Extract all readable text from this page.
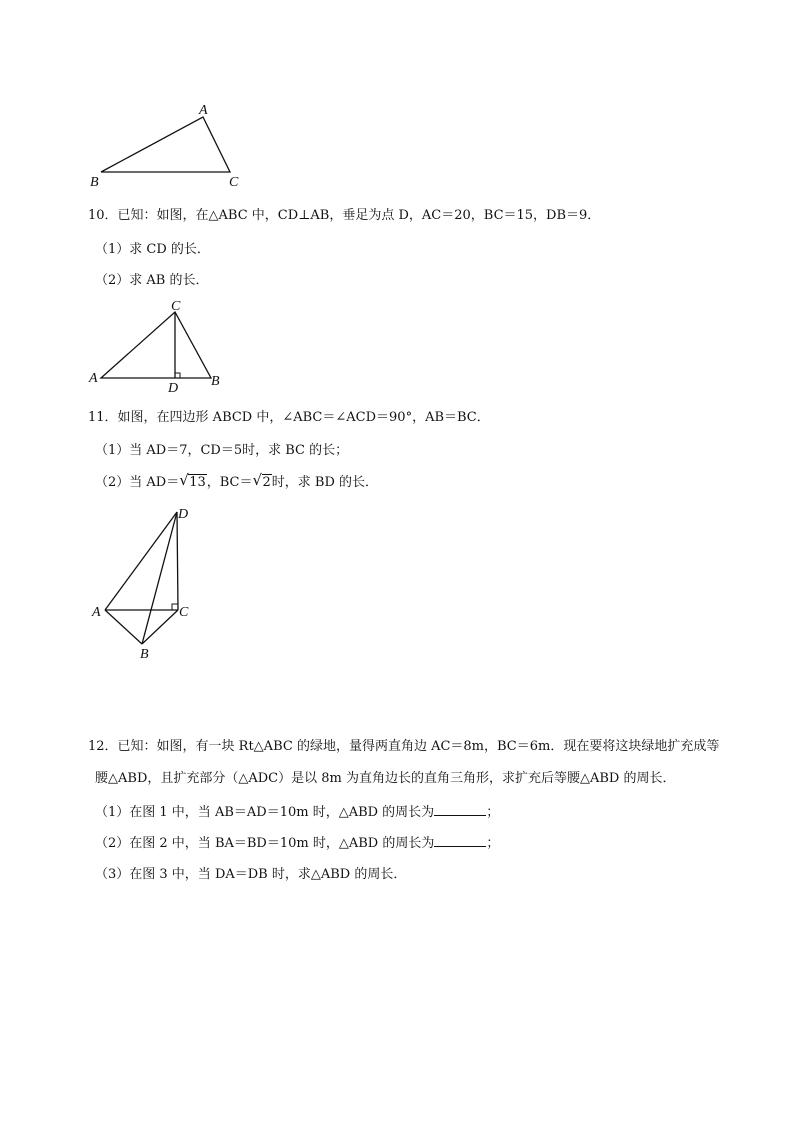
A
B	C
10．已知：如图，在△ABC 中，CD⊥AB，垂足为点 D，AC＝20，BC＝15，DB＝9．
（1）求 CD 的长．
（2）求 AB 的长．
C
A
D B
11．如图，在四边形 ABCD 中，∠ABC＝∠ACD＝90°，AB＝BC．
（1）当 AD＝7，CD＝5时，求 BC 的长；
（2）当 AD＝ √ 13，BC＝ √ 2时，求 BD 的长．
D
A	C
B
12．已知：如图，有一块 Rt△ABC 的绿地，量得两直角边 AC＝8m，BC＝6m．现在要将这块绿地扩充成等
腰△ABD，且扩充部分（△ADC）是以 8m 为直角边长的直角三角形，求扩充后等腰△ABD 的周长．
（1）在图 1 中，当 AB＝AD＝10m 时，△ABD 的周长为	；
（2）在图 2 中，当 BA＝BD＝10m 时，△ABD 的周长为	；
（3）在图 3 中，当 DA＝DB 时，求△ABD 的周长．
